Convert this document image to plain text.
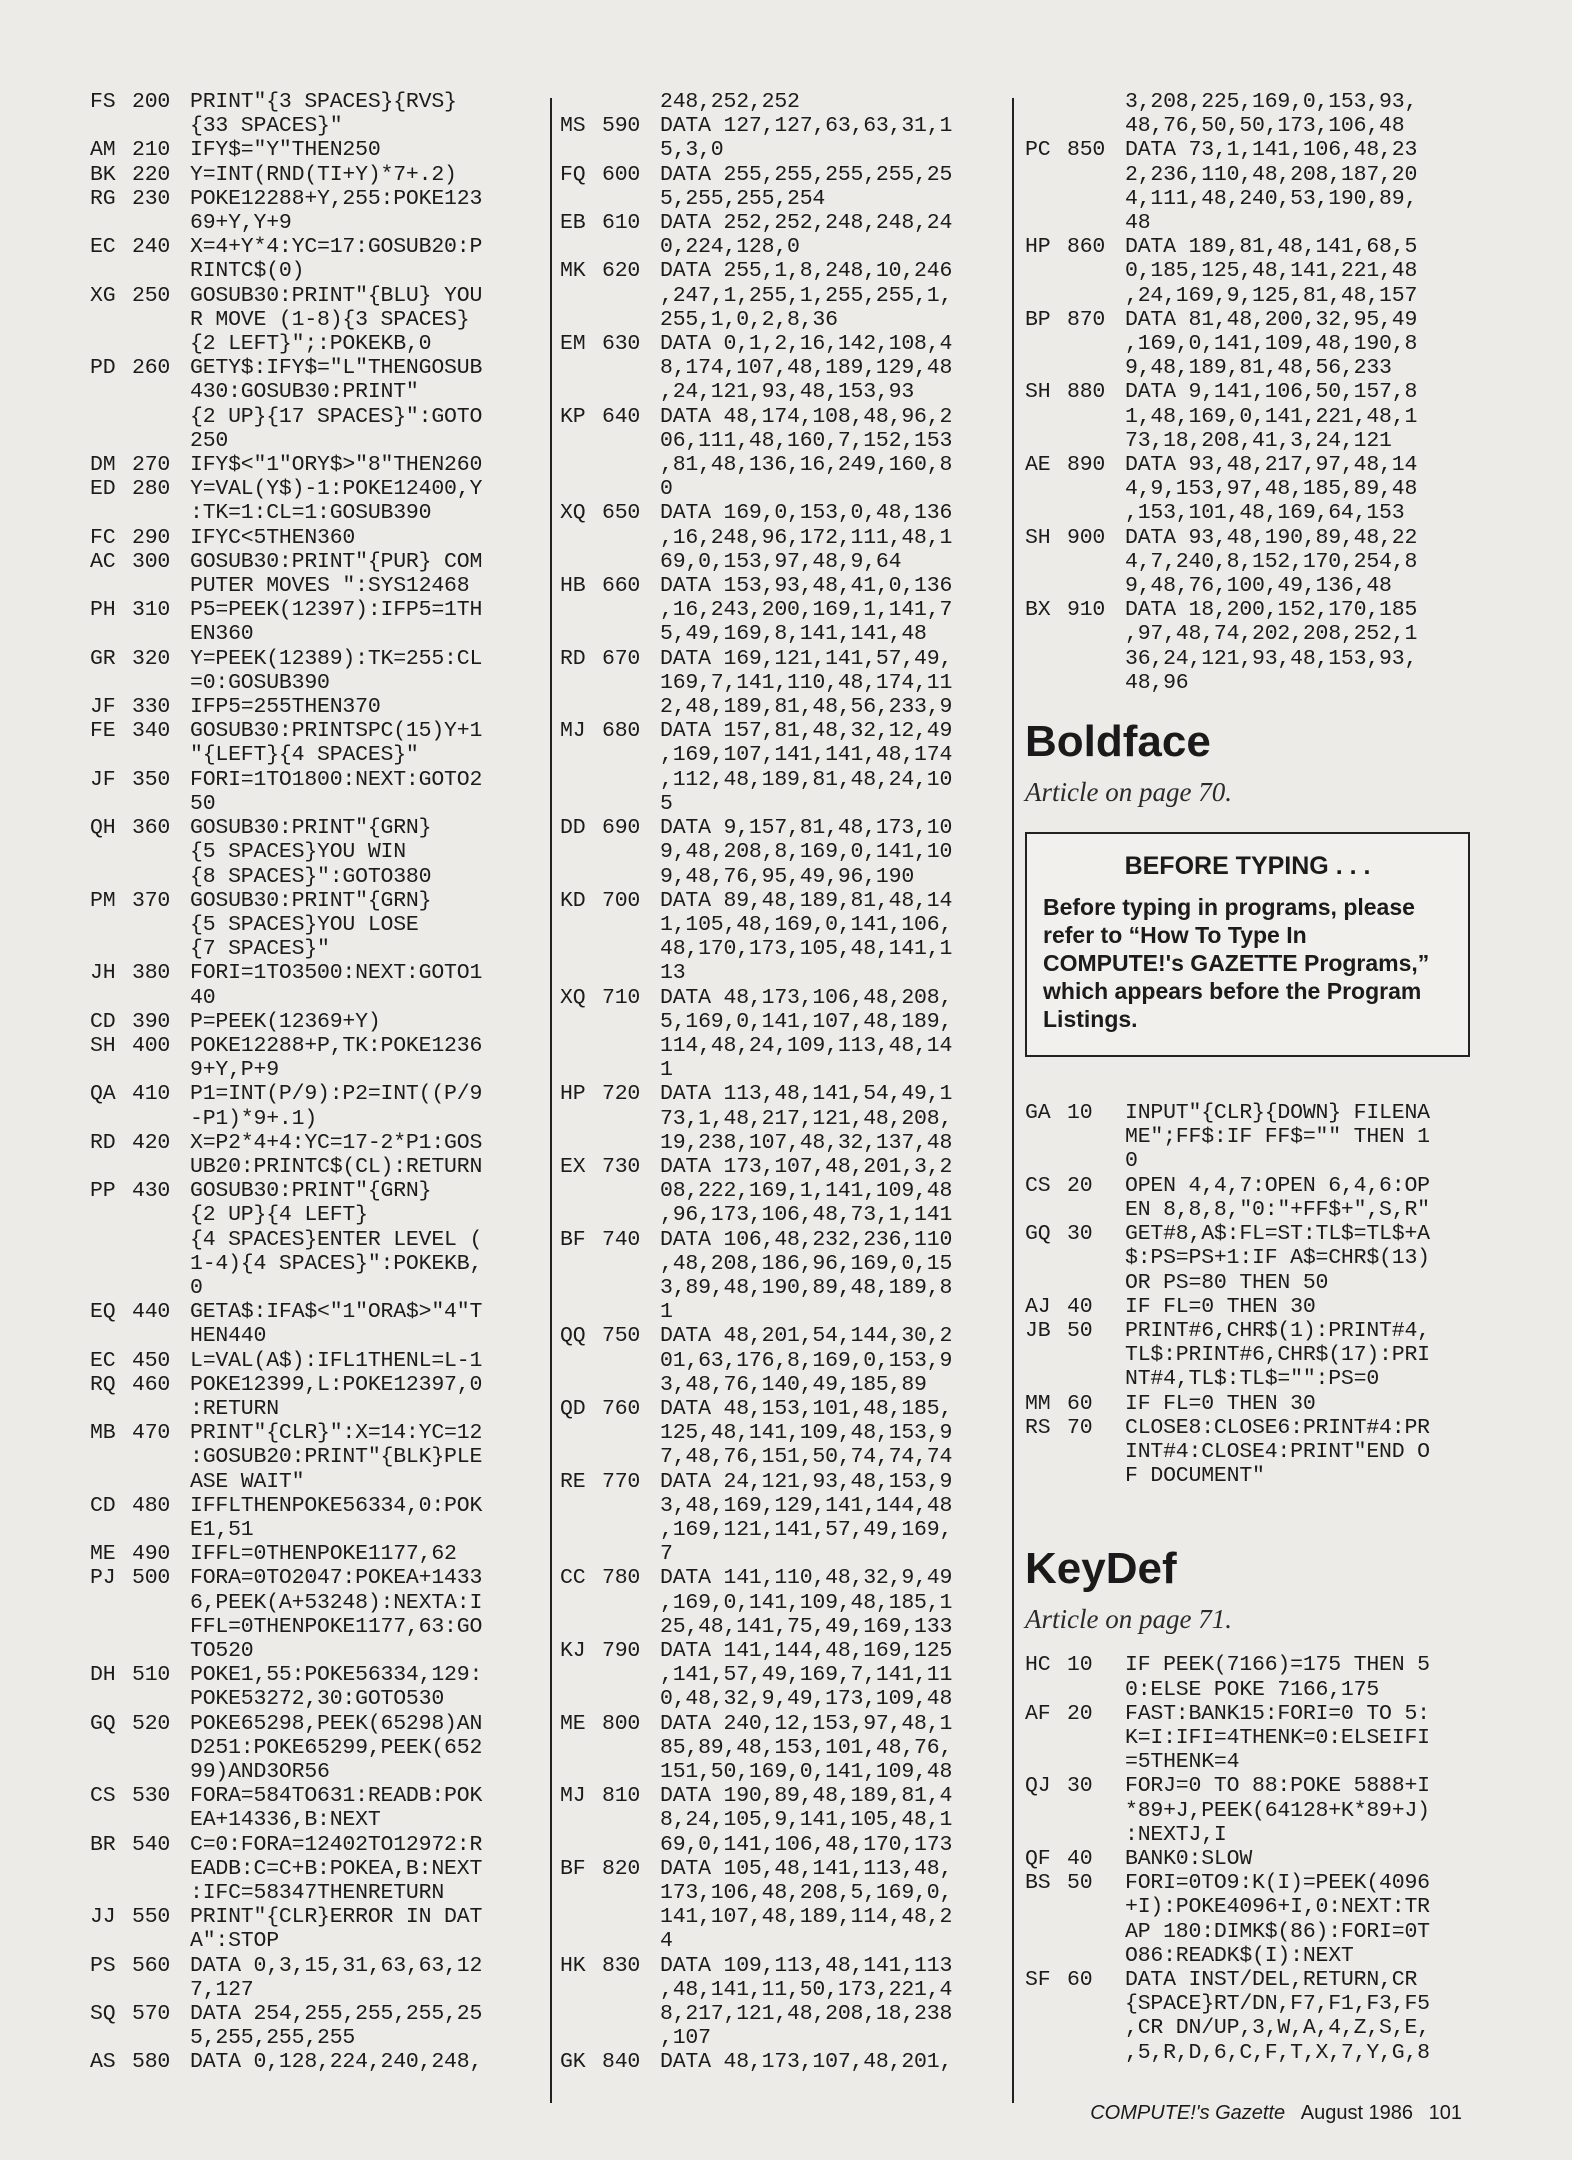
FS 200 PRINT"{3 SPACES}{RVS}
{33 SPACES}"
AM 210 IFY$="Y"THEN250
BK 220 Y=INT(RND(TI+Y)*7+.2)
RG 230 POKE12288+Y,255:POKE123
69+Y,Y+9
EC 240 X=4+Y*4:YC=17:GOSUB20:P
RINTC$(0)
XG 250 GOSUB30:PRINT"{BLU} YOU
R MOVE (1-8){3 SPACES}
{2 LEFT}";:POKEKB,0
PD 260 GETY$:IFY$="L"THENGOSUB
430:GOSUB30:PRINT"
{2 UP}{17 SPACES}":GOTO
250
DM 270 IFY$<"1"ORY$>"8"THEN260
ED 280 Y=VAL(Y$)-1:POKE12400,Y
:TK=1:CL=1:GOSUB390
FC 290 IFYC<5THEN360
AC 300 GOSUB30:PRINT"{PUR} COM
PUTER MOVES ":SYS12468
PH 310 P5=PEEK(12397):IFP5=1TH
EN360
GR 320 Y=PEEK(12389):TK=255:CL
=0:GOSUB390
JF 330 IFP5=255THEN370
FE 340 GOSUB30:PRINTSPC(15)Y+1
"{LEFT}{4 SPACES}"
JF 350 FORI=1TO1800:NEXT:GOTO2
50
QH 360 GOSUB30:PRINT"{GRN}
{5 SPACES}YOU WIN
{8 SPACES}":GOTO380
PM 370 GOSUB30:PRINT"{GRN}
{5 SPACES}YOU LOSE
{7 SPACES}"
JH 380 FORI=1TO3500:NEXT:GOTO1
40
CD 390 P=PEEK(12369+Y)
SH 400 POKE12288+P,TK:POKE1236
9+Y,P+9
QA 410 P1=INT(P/9):P2=INT((P/9
-P1)*9+.1)
RD 420 X=P2*4+4:YC=17-2*P1:GOS
UB20:PRINTC$(CL):RETURN
PP 430 GOSUB30:PRINT"{GRN}
{2 UP}{4 LEFT}
{4 SPACES}ENTER LEVEL (
1-4){4 SPACES}":POKEKB,
0
EQ 440 GETA$:IFA$<"1"ORA$>"4"T
HEN440
EC 450 L=VAL(A$):IFL1THENL=L-1
RQ 460 POKE12399,L:POKE12397,0
:RETURN
MB 470 PRINT"{CLR}":X=14:YC=12
:GOSUB20:PRINT"{BLK}PLE
ASE WAIT"
CD 480 IFFLTHENPOKE56334,0:POK
E1,51
ME 490 IFFL=0THENPOKE1177,62
PJ 500 FORA=0TO2047:POKEA+1433
6,PEEK(A+53248):NEXTA:I
FFL=0THENPOKE1177,63:GO
TO520
DH 510 POKE1,55:POKE56334,129:
POKE53272,30:GOTO530
GQ 520 POKE65298,PEEK(65298)AN
D251:POKE65299,PEEK(652
99)AND3OR56
CS 530 FORA=584TO631:READB:POK
EA+14336,B:NEXT
BR 540 C=0:FORA=12402TO12972:R
EADB:C=C+B:POKEA,B:NEXT
:IFC=58347THENRETURN
JJ 550 PRINT"{CLR}ERROR IN DAT
A":STOP
PS 560 DATA 0,3,15,31,63,63,12
7,127
SQ 570 DATA 254,255,255,255,25
5,255,255,255
AS 580 DATA 0,128,224,240,248,
248,252,252
MS 590 DATA 127,127,63,63,31,1
5,3,0
FQ 600 DATA 255,255,255,255,25
5,255,255,254
EB 610 DATA 252,252,248,248,24
0,224,128,0
MK 620 DATA 255,1,8,248,10,246
,247,1,255,1,255,255,1,
255,1,0,2,8,36
EM 630 DATA 0,1,2,16,142,108,4
8,174,107,48,189,129,48
,24,121,93,48,153,93
KP 640 DATA 48,174,108,48,96,2
06,111,48,160,7,152,153
,81,48,136,16,249,160,8
0
XQ 650 DATA 169,0,153,0,48,136
,16,248,96,172,111,48,1
69,0,153,97,48,9,64
HB 660 DATA 153,93,48,41,0,136
,16,243,200,169,1,141,7
5,49,169,8,141,141,48
RD 670 DATA 169,121,141,57,49,
169,7,141,110,48,174,11
2,48,189,81,48,56,233,9
MJ 680 DATA 157,81,48,32,12,49
,169,107,141,141,48,174
,112,48,189,81,48,24,10
5
DD 690 DATA 9,157,81,48,173,10
9,48,208,8,169,0,141,10
9,48,76,95,49,96,190
KD 700 DATA 89,48,189,81,48,14
1,105,48,169,0,141,106,
48,170,173,105,48,141,1
13
XQ 710 DATA 48,173,106,48,208,
5,169,0,141,107,48,189,
114,48,24,109,113,48,14
1
HP 720 DATA 113,48,141,54,49,1
73,1,48,217,121,48,208,
19,238,107,48,32,137,48
EX 730 DATA 173,107,48,201,3,2
08,222,169,1,141,109,48
,96,173,106,48,73,1,141
BF 740 DATA 106,48,232,236,110
,48,208,186,96,169,0,15
3,89,48,190,89,48,189,8
1
QQ 750 DATA 48,201,54,144,30,2
01,63,176,8,169,0,153,9
3,48,76,140,49,185,89
QD 760 DATA 48,153,101,48,185,
125,48,141,109,48,153,9
7,48,76,151,50,74,74,74
RE 770 DATA 24,121,93,48,153,9
3,48,169,129,141,144,48
,169,121,141,57,49,169,
7
CC 780 DATA 141,110,48,32,9,49
,169,0,141,109,48,185,1
25,48,141,75,49,169,133
KJ 790 DATA 141,144,48,169,125
,141,57,49,169,7,141,11
0,48,32,9,49,173,109,48
ME 800 DATA 240,12,153,97,48,1
85,89,48,153,101,48,76,
151,50,169,0,141,109,48
MJ 810 DATA 190,89,48,189,81,4
8,24,105,9,141,105,48,1
69,0,141,106,48,170,173
BF 820 DATA 105,48,141,113,48,
173,106,48,208,5,169,0,
141,107,48,189,114,48,2
4
HK 830 DATA 109,113,48,141,113
,48,141,11,50,173,221,4
8,217,121,48,208,18,238
,107
GK 840 DATA 48,173,107,48,201,
3,208,225,169,0,153,93,
48,76,50,50,173,106,48
PC 850 DATA 73,1,141,106,48,23
2,236,110,48,208,187,20
4,111,48,240,53,190,89,
48
HP 860 DATA 189,81,48,141,68,5
0,185,125,48,141,221,48
,24,169,9,125,81,48,157
BP 870 DATA 81,48,200,32,95,49
,169,0,141,109,48,190,8
9,48,189,81,48,56,233
SH 880 DATA 9,141,106,50,157,8
1,48,169,0,141,221,48,1
73,18,208,41,3,24,121
AE 890 DATA 93,48,217,97,48,14
4,9,153,97,48,185,89,48
,153,101,48,169,64,153
SH 900 DATA 93,48,190,89,48,22
4,7,240,8,152,170,254,8
9,48,76,100,49,136,48
BX 910 DATA 18,200,152,170,185
,97,48,74,202,208,252,1
36,24,121,93,48,153,93,
48,96
Boldface
Article on page 70.
BEFORE TYPING . . .
Before typing in programs, please refer to “How To Type In COMPUTE!'s GAZETTE Programs,” which appears before the Program Listings.
GA 10	INPUT"{CLR}{DOWN} FILENA
ME";FF$:IF FF$="" THEN 1
0
CS 20	OPEN 4,4,7:OPEN 6,4,6:OP
EN 8,8,8,"0:"+FF$+",S,R"
GQ 30	GET#8,A$:FL=ST:TL$=TL$+A
$:PS=PS+1:IF A$=CHR$(13)
OR PS=80 THEN 50
AJ 40	IF FL=0 THEN 30
JB 50	PRINT#6,CHR$(1):PRINT#4,
TL$:PRINT#6,CHR$(17):PRI
NT#4,TL$:TL$="":PS=0
MM 60	IF FL=0 THEN 30
RS 70	CLOSE8:CLOSE6:PRINT#4:PR
INT#4:CLOSE4:PRINT"END O
F DOCUMENT"
KeyDef
Article on page 71.
HC 10	IF PEEK(7166)=175 THEN 5
0:ELSE POKE 7166,175
AF 20	FAST:BANK15:FORI=0 TO 5:
K=I:IFI=4THENK=0:ELSEIFI
=5THENK=4
QJ 30	FORJ=0 TO 88:POKE 5888+I
*89+J,PEEK(64128+K*89+J)
:NEXTJ,I
QF 40	BANK0:SLOW
BS 50	FORI=0TO9:K(I)=PEEK(4096
+I):POKE4096+I,0:NEXT:TR
AP 180:DIMK$(86):FORI=0T
O86:READK$(I):NEXT
SF 60	DATA INST/DEL,RETURN,CR
{SPACE}RT/DN,F7,F1,F3,F5
,CR DN/UP,3,W,A,4,Z,S,E,
,5,R,D,6,C,F,T,X,7,Y,G,8
COMPUTE!'s Gazette August 1986 101
